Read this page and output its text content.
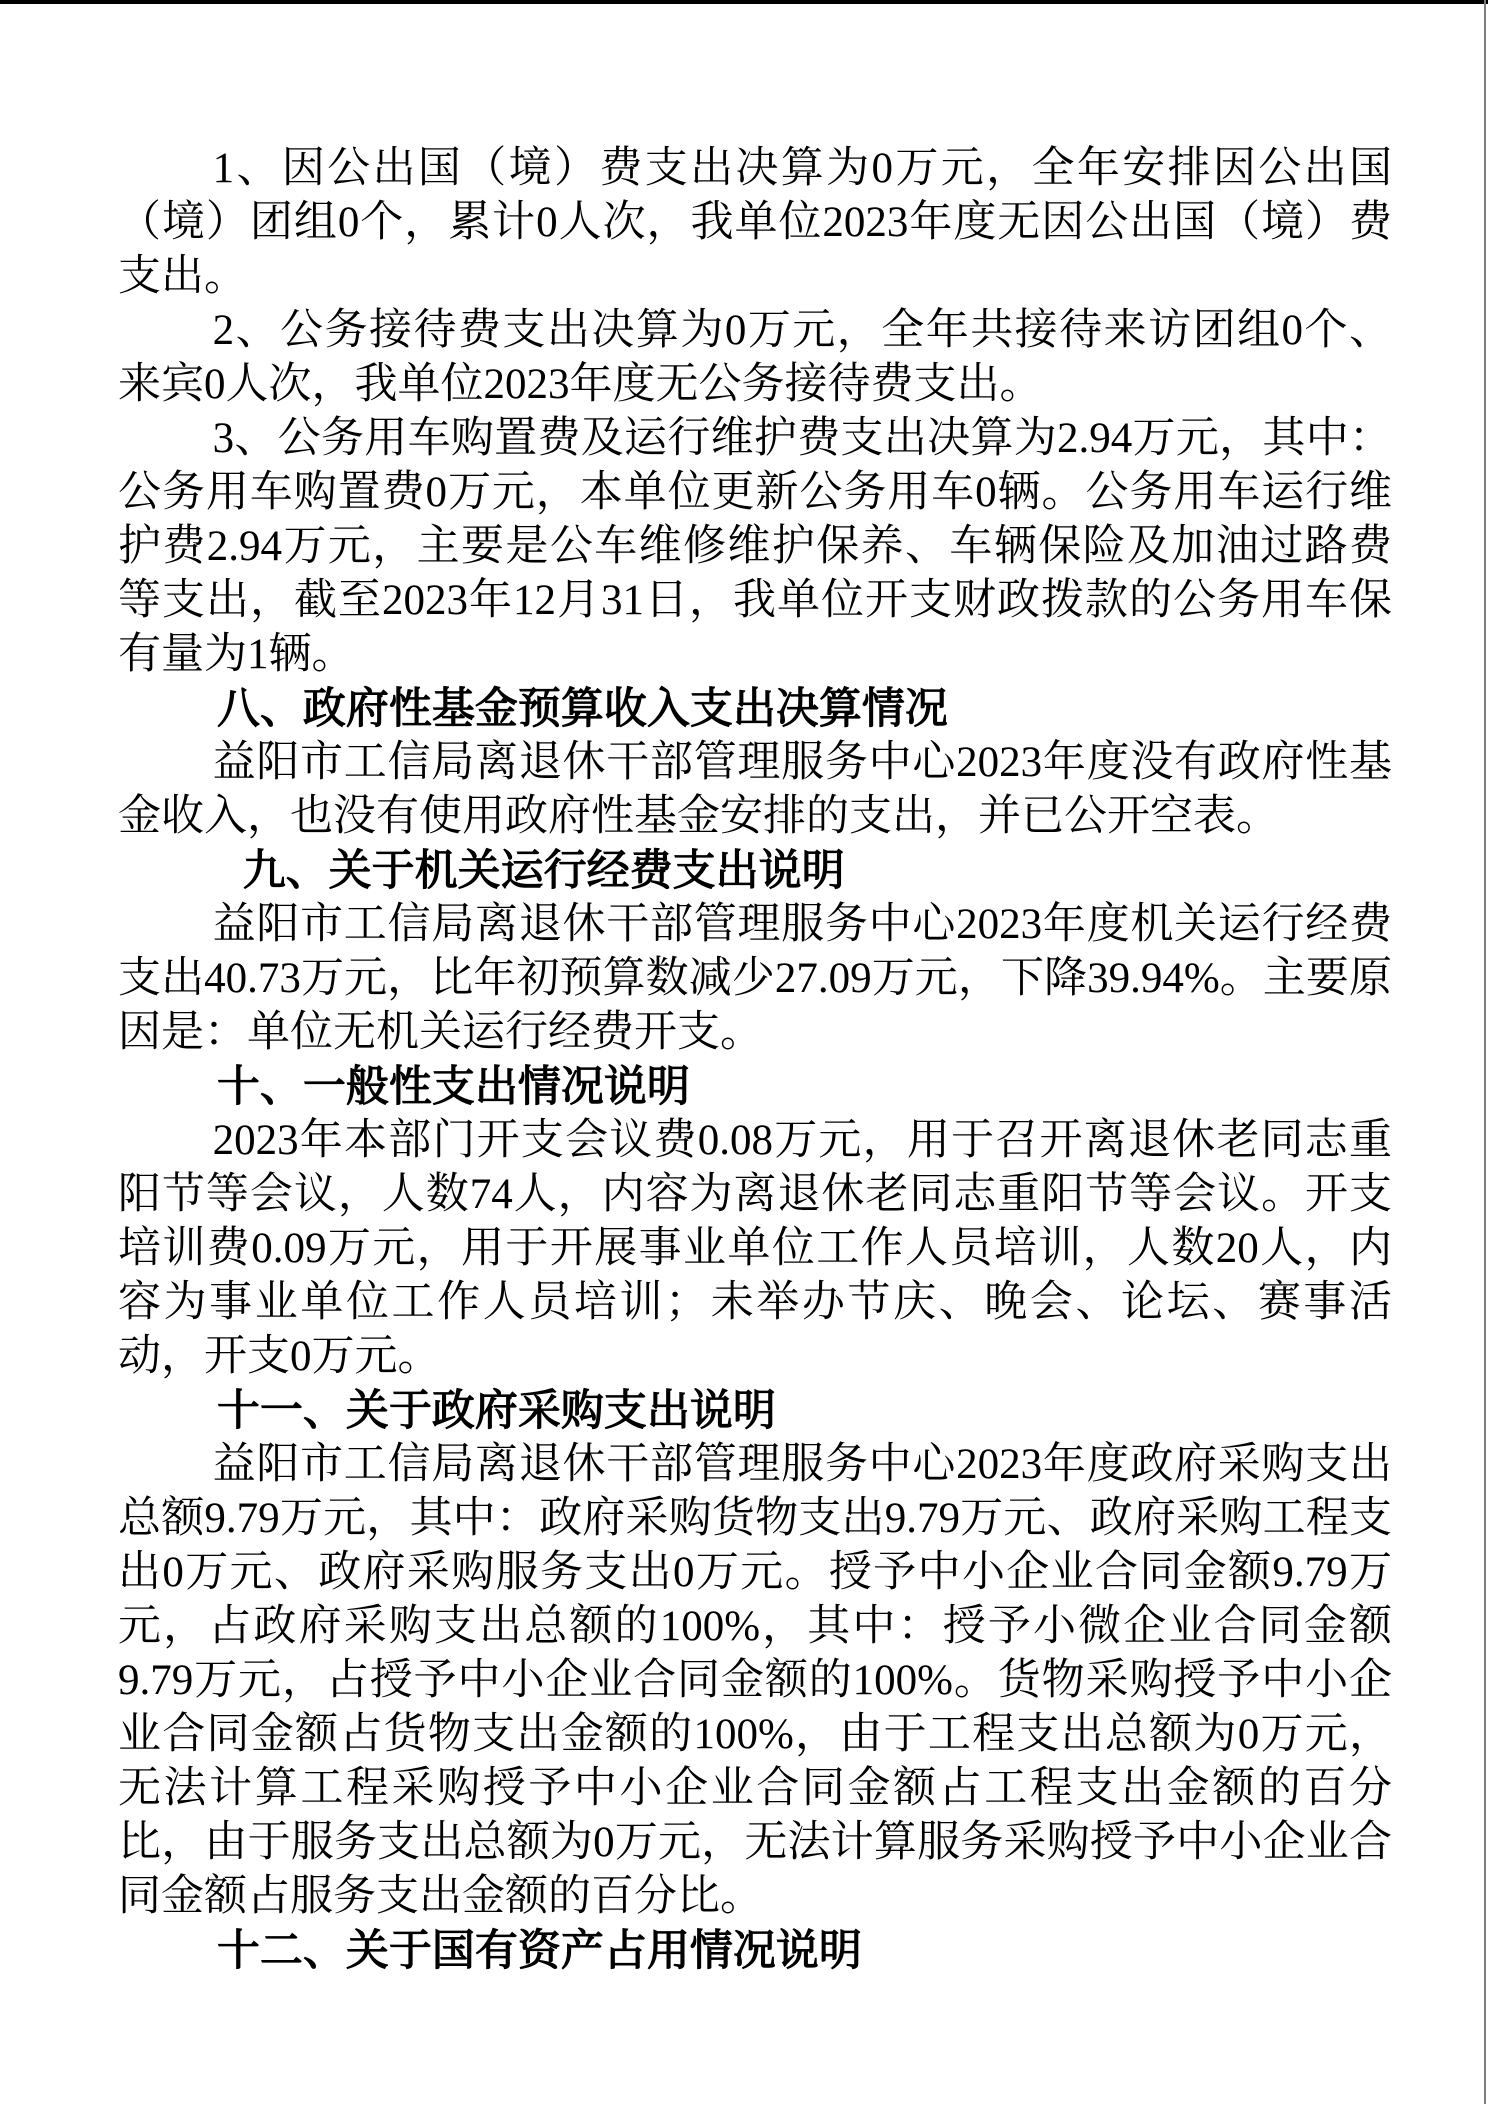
1、因公出国（境）费支出决算为0万元，全年安排因公出国（境）团组0个，累计0人次，我单位2023年度无因公出国（境）费支出。

2、公务接待费支出决算为0万元，全年共接待来访团组0个、来宾0人次，我单位2023年度无公务接待费支出。

3、公务用车购置费及运行维护费支出决算为2.94万元，其中：公务用车购置费0万元，本单位更新公务用车0辆。公务用车运行维护费2.94万元，主要是公车维修维护保养、车辆保险及加油过路费等支出，截至2023年12月31日，我单位开支财政拨款的公务用车保有量为1辆。

八、政府性基金预算收入支出决算情况

益阳市工信局离退休干部管理服务中心2023年度没有政府性基金收入，也没有使用政府性基金安排的支出，并已公开空表。

九、关于机关运行经费支出说明

益阳市工信局离退休干部管理服务中心2023年度机关运行经费支出40.73万元，比年初预算数减少27.09万元，下降39.94%。主要原因是：单位无机关运行经费开支。

十、一般性支出情况说明

2023年本部门开支会议费0.08万元，用于召开离退休老同志重阳节等会议，人数74人，内容为离退休老同志重阳节等会议。开支培训费0.09万元，用于开展事业单位工作人员培训，人数20人，内容为事业单位工作人员培训；未举办节庆、晚会、论坛、赛事活动，开支0万元。

十一、关于政府采购支出说明

益阳市工信局离退休干部管理服务中心2023年度政府采购支出总额9.79万元，其中：政府采购货物支出9.79万元、政府采购工程支出0万元、政府采购服务支出0万元。授予中小企业合同金额9.79万元，占政府采购支出总额的100%，其中：授予小微企业合同金额9.79万元，占授予中小企业合同金额的100%。货物采购授予中小企业合同金额占货物支出金额的100%，由于工程支出总额为0万元，无法计算工程采购授予中小企业合同金额占工程支出金额的百分比，由于服务支出总额为0万元，无法计算服务采购授予中小企业合同金额占服务支出金额的百分比。

十二、关于国有资产占用情况说明
